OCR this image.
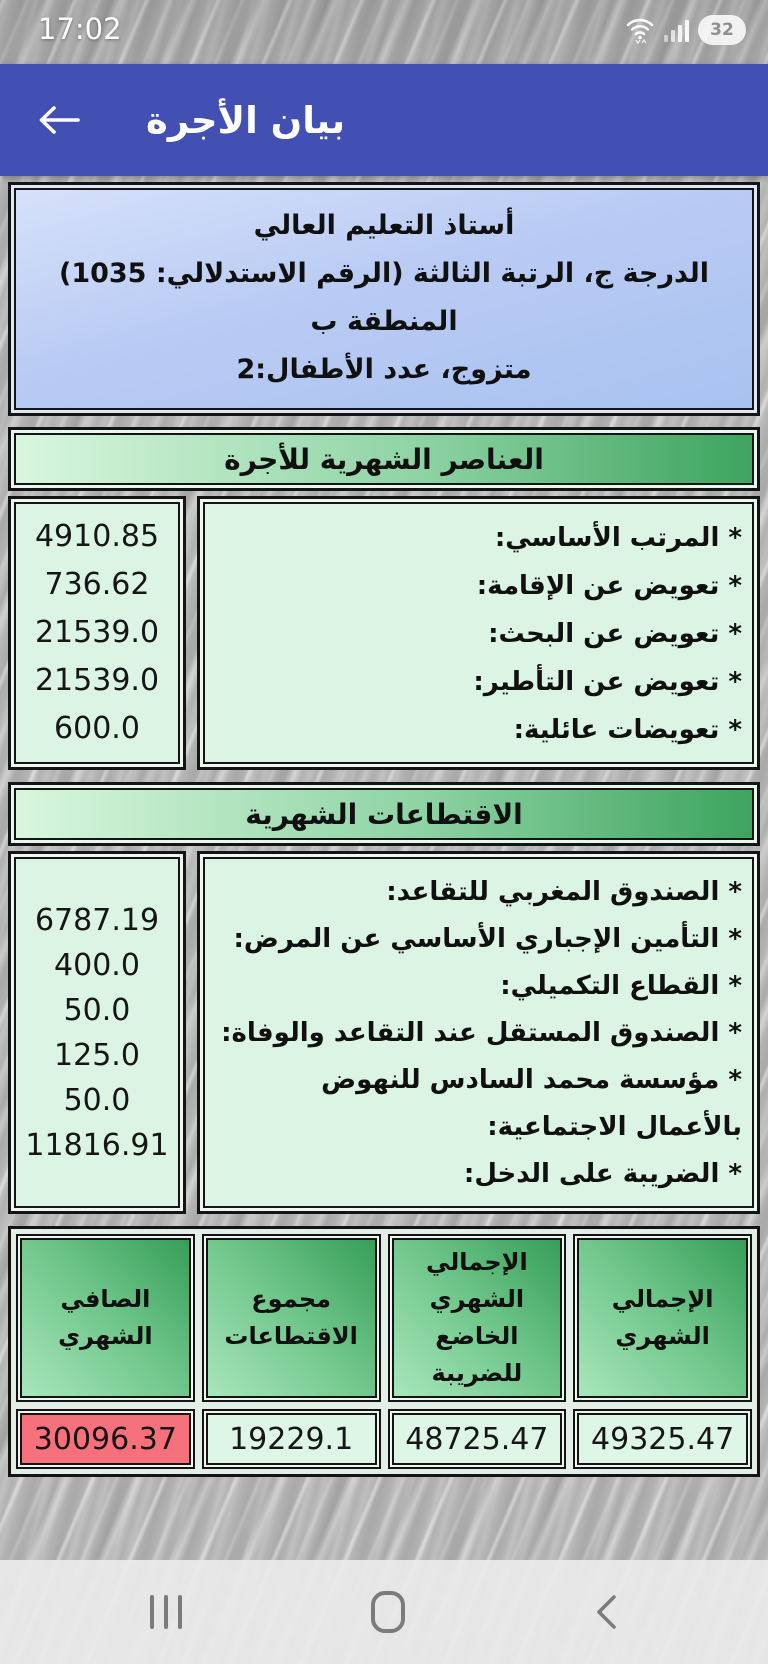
17:02	32
بيان الأجرة
أستاذ التعليم العالي
الدرجة ج، الرتبة الثالثة (الرقم الاستدلالي: 1035)
المنطقة ب
متزوج، عدد الأطفال:2
العناصر الشهرية للأجرة
4910.85
736.62
21539.0
21539.0
600.0
* المرتب الأساسي:
* تعويض عن الإقامة:
* تعويض عن البحث:
* تعويض عن التأطير:
* تعويضات عائلية:
الاقتطاعات الشهرية
6787.19
400.0
50.0
125.0
50.0
11816.91
* الصندوق المغربي للتقاعد:
* التأمين الإجباري الأساسي عن المرض:
* القطاع التكميلي:
* الصندوق المستقل عند التقاعد والوفاة:
* مؤسسة محمد السادس للنهوض بالأعمال الاجتماعية:
* الضريبة على الدخل:
الإجمالي الشهري
الإجمالي الشهري الخاضع للضريبة
مجموع الاقتطاعات
الصافي الشهري
49325.47
48725.47
19229.1
30096.37
